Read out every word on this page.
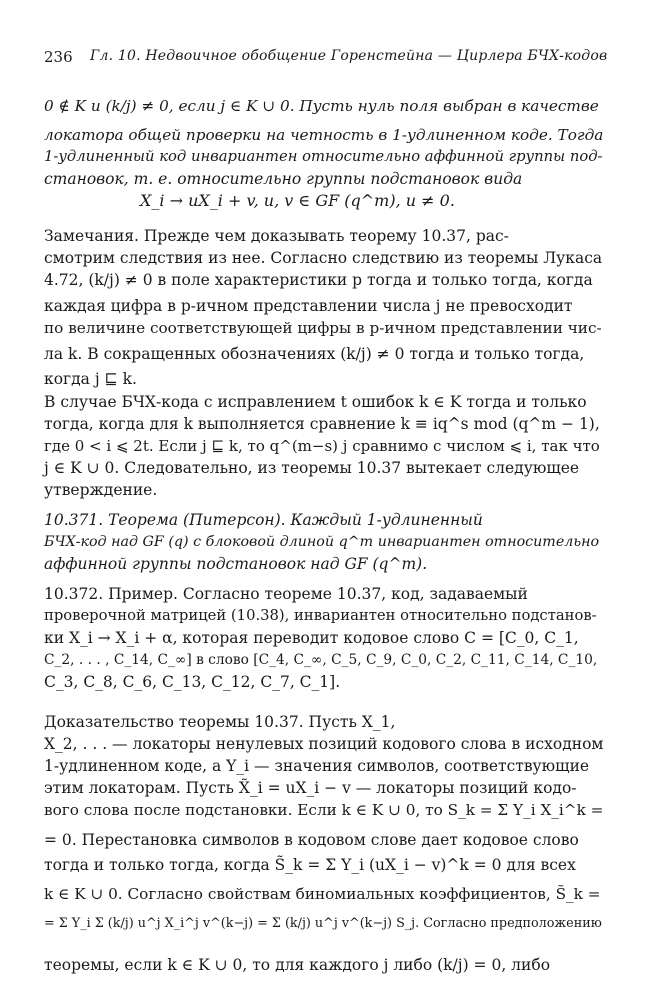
236 Гл. 10. Недвоичное обобщение Горенстейна — Цирлера БЧХ-кодов
0 ∉ K и (k/j) ≠ 0, если j ∈ K ∪ 0. Пусть нуль поля выбран в качестве
локатора общей проверки на четность в 1-удлиненном коде. Тогда
1-удлиненный код инвариантен относительно аффинной группы под-
становок, т. е. относительно группы подстановок вида
X_i → uX_i + v, u, v ∈ GF (q^m), u ≠ 0.
Замечания. Прежде чем доказывать теорему 10.37, рас-
смотрим следствия из нее. Согласно следствию из теоремы Лукаса
4.72, (k/j) ≠ 0 в поле характеристики p тогда и только тогда, когда
каждая цифра в p-ичном представлении числа j не превосходит
по величине соответствующей цифры в p-ичном представлении чис-
ла k. В сокращенных обозначениях (k/j) ≠ 0 тогда и только тогда,
когда j ⊑ k.
В случае БЧХ-кода с исправлением t ошибок k ∈ K тогда и только
тогда, когда для k выполняется сравнение k ≡ iq^s mod (q^m − 1),
где 0 < i ⩽ 2t. Если j ⊑ k, то q^(m−s) j сравнимо с числом ⩽ i, так что
j ∈ K ∪ 0. Следовательно, из теоремы 10.37 вытекает следующее
утверждение.
10.371. Теорема (Питерсон). Каждый 1-удлиненный
БЧХ-код над GF (q) с блоковой длиной q^m инвариантен относительно
аффинной группы подстановок над GF (q^m).
10.372. Пример. Согласно теореме 10.37, код, задаваемый
проверочной матрицей (10.38), инвариантен относительно подстанов-
ки X_i → X_i + α, которая переводит кодовое слово C = [C_0, C_1,
C_2, . . . , C_14, C_∞] в слово [C_4, C_∞, C_5, C_9, C_0, C_2, C_11, C_14, C_10,
C_3, C_8, C_6, C_13, C_12, C_7, C_1].
Доказательство теоремы 10.37. Пусть X_1,
X_2, . . . — локаторы ненулевых позиций кодового слова в исходном
1-удлиненном коде, а Y_i — значения символов, соответствующие
этим локаторам. Пусть X̃_i = uX_i − v — локаторы позиций кодо-
вого слова после подстановки. Если k ∈ K ∪ 0, то S_k = Σ Y_i X_i^k =
= 0. Перестановка символов в кодовом слове дает кодовое слово
тогда и только тогда, когда S̃_k = Σ Y_i (uX_i − v)^k = 0 для всех
k ∈ K ∪ 0. Согласно свойствам биномиальных коэффициентов, S̃_k =
= Σ Y_i Σ (k/j) u^j X_i^j v^(k−j) = Σ (k/j) u^j v^(k−j) S_j. Согласно предположению
теоремы, если k ∈ K ∪ 0, то для каждого j либо (k/j) = 0, либо
